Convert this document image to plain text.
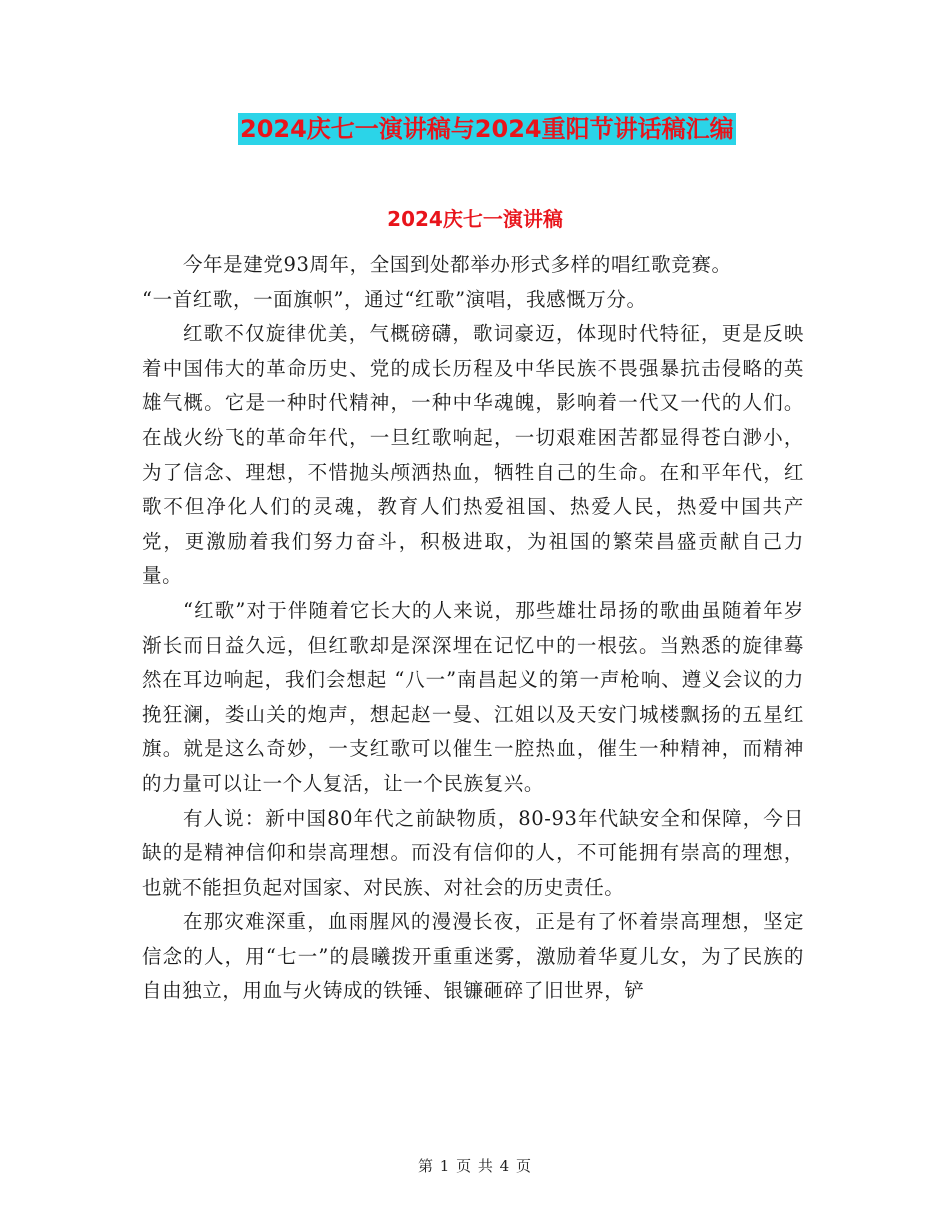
2024庆七一演讲稿与2024重阳节讲话稿汇编
2024庆七一演讲稿

今年是建党93周年，全国到处都举办形式多样的唱红歌竞赛。

“一首红歌，一面旗帜”，通过“红歌”演唱，我感慨万分。

红歌不仅旋律优美，气概磅礴，歌词豪迈，体现时代特征，更是反映着中国伟大的革命历史、党的成长历程及中华民族不畏强暴抗击侵略的英雄气概。它是一种时代精神，一种中华魂魄，影响着一代又一代的人们。在战火纷飞的革命年代，一旦红歌响起，一切艰难困苦都显得苍白渺小，为了信念、理想，不惜抛头颅洒热血，牺牲自己的生命。在和平年代，红歌不但净化人们的灵魂，教育人们热爱祖国、热爱人民，热爱中国共产党，更激励着我们努力奋斗，积极进取，为祖国的繁荣昌盛贡献自己力量。

“红歌”对于伴随着它长大的人来说，那些雄壮昂扬的歌曲虽随着年岁渐长而日益久远，但红歌却是深深埋在记忆中的一根弦。当熟悉的旋律蓦然在耳边响起，我们会想起 “八一”南昌起义的第一声枪响、遵义会议的力挽狂澜，娄山关的炮声，想起赵一曼、江姐以及天安门城楼飘扬的五星红旗。就是这么奇妙，一支红歌可以催生一腔热血，催生一种精神，而精神的力量可以让一个人复活，让一个民族复兴。

有人说：新中国80年代之前缺物质，80-93年代缺安全和保障，今日缺的是精神信仰和崇高理想。而没有信仰的人，不可能拥有崇高的理想，也就不能担负起对国家、对民族、对社会的历史责任。

在那灾难深重，血雨腥风的漫漫长夜，正是有了怀着崇高理想，坚定信念的人，用“七一”的晨曦拨开重重迷雾，激励着华夏儿女，为了民族的自由独立，用血与火铸成的铁锤、银镰砸碎了旧世界，铲

第 1 页 共 4 页
